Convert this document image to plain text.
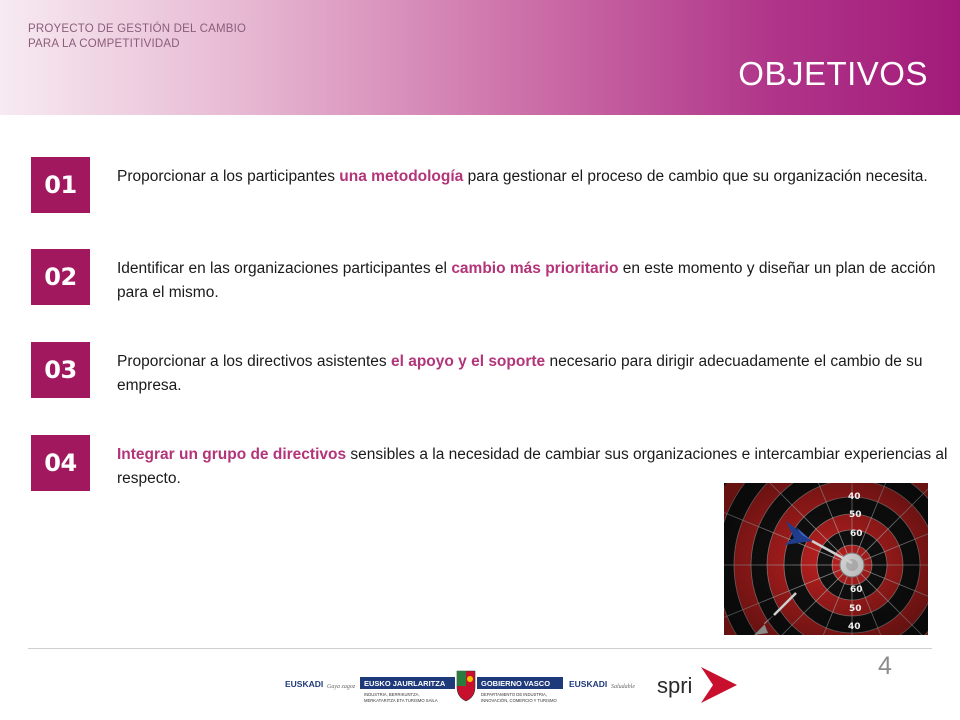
PROYECTO DE GESTIÓN DEL CAMBIO
PARA LA COMPETITIVIDAD
OBJETIVOS
01	Proporcionar a los participantes una metodología para gestionar el proceso de cambio que su organización necesita.
02	Identificar en las organizaciones participantes el cambio más prioritario en este momento y diseñar un plan de acción para el mismo.
03	Proporcionar a los directivos asistentes el apoyo y el soporte necesario para dirigir adecuadamente el cambio de su empresa.
04	Integrar un grupo de directivos sensibles a la necesidad de cambiar sus organizaciones e intercambiar experiencias al respecto.
40
50
60
60
50
40
4
EUSKADI Gaya zagoz EUSKO JAURLARITZA
INDUSTRIA, BERRIKUNTZA,
MERKATARITZA ETA TURISMO SAILA
GOBIERNO VASCO
DEPARTAMENTO DE INDUSTRIA,
INNOVACIÓN, COMERCIO Y TURISMO
EUSKADI Saludable spri
